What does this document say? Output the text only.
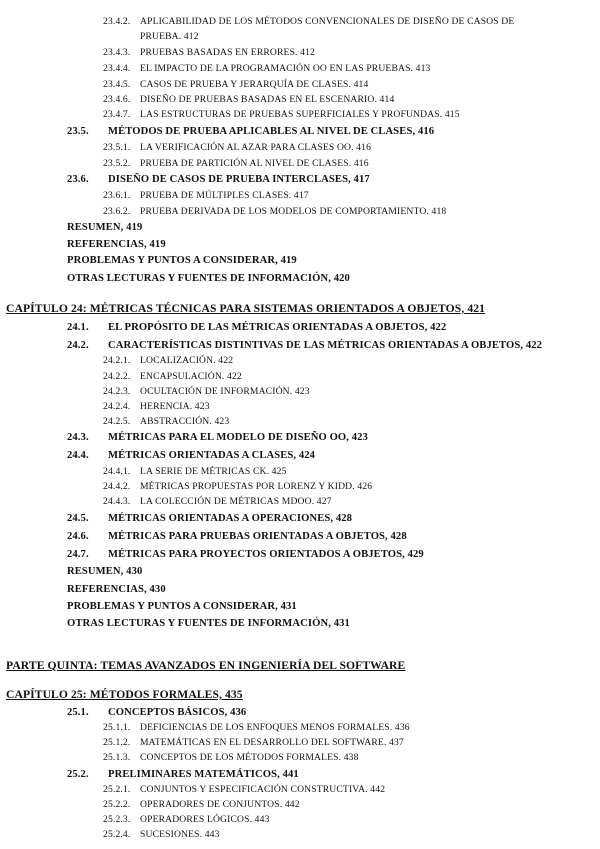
23.4.2. APLICABILIDAD DE LOS MÉTODOS CONVENCIONALES DE DISEÑO DE CASOS DE
PRUEBA. 412
23.4.3. PRUEBAS BASADAS EN ERRORES. 412
23.4.4. EL IMPACTO DE LA PROGRAMACIÓN OO EN LAS PRUEBAS. 413
23.4.5. CASOS DE PRUEBA Y JERARQUÍA DE CLASES. 414
23.4.6. DISEÑO DE PRUEBAS BASADAS EN EL ESCENARIO. 414
23.4.7. LAS ESTRUCTURAS DE PRUEBAS SUPERFICIALES Y PROFUNDAS. 415
23.5. MÉTODOS DE PRUEBA APLICABLES AL NIVEL DE CLASES, 416
23.5.1. LA VERIFICACIÓN AL AZAR PARA CLASES OO. 416
23.5.2. PRUEBA DE PARTICIÓN AL NIVEL DE CLASES. 416
23.6. DISEÑO DE CASOS DE PRUEBA INTERCLASES, 417
23.6.1. PRUEBA DE MÚLTIPLES CLASES. 417
23.6.2. PRUEBA DERIVADA DE LOS MODELOS DE COMPORTAMIENTO. 418
RESUMEN, 419
REFERENCIAS, 419
PROBLEMAS Y PUNTOS A CONSIDERAR, 419
OTRAS LECTURAS Y FUENTES DE INFORMACIÓN, 420
CAPÍTULO 24: MÉTRICAS TÉCNICAS PARA SISTEMAS ORIENTADOS A OBJETOS, 421
24.1. EL PROPÓSITO DE LAS MÉTRICAS ORIENTADAS A OBJETOS, 422
24.2. CARACTERÍSTICAS DISTINTIVAS DE LAS MÉTRICAS ORIENTADAS A OBJETOS, 422
24.2.1. LOCALIZACIÓN. 422
24.2.2. ENCAPSULACIÓN. 422
24.2.3. OCULTACIÓN DE INFORMACIÓN. 423
24.2.4. HERENCIA. 423
24.2.5. ABSTRACCIÓN. 423
24.3. MÉTRICAS PARA EL MODELO DE DISEÑO OO, 423
24.4. MÉTRICAS ORIENTADAS A CLASES, 424
24.4.1. LA SERIE DE MÉTRICAS CK. 425
24.4.2. MÉTRICAS PROPUESTAS POR LORENZ Y KIDD. 426
24.4.3. LA COLECCIÓN DE MÉTRICAS MDOO. 427
24.5. MÉTRICAS ORIENTADAS A OPERACIONES, 428
24.6. MÉTRICAS PARA PRUEBAS ORIENTADAS A OBJETOS, 428
24.7. MÉTRICAS PARA PROYECTOS ORIENTADOS A OBJETOS, 429
RESUMEN, 430
REFERENCIAS, 430
PROBLEMAS Y PUNTOS A CONSIDERAR, 431
OTRAS LECTURAS Y FUENTES DE INFORMACIÓN, 431
PARTE QUINTA: TEMAS AVANZADOS EN INGENIERÍA DEL SOFTWARE
CAPÍTULO 25: MÉTODOS FORMALES, 435
25.1. CONCEPTOS BÁSICOS, 436
25.1.1. DEFICIENCIAS DE LOS ENFOQUES MENOS FORMALES. 436
25.1.2. MATEMÁTICAS EN EL DESARROLLO DEL SOFTWARE. 437
25.1.3. CONCEPTOS DE LOS MÉTODOS FORMALES. 438
25.2. PRELIMINARES MATEMÁTICOS, 441
25.2.1. CONJUNTOS Y ESPECIFICACIÓN CONSTRUCTIVA. 442
25.2.2. OPERADORES DE CONJUNTOS. 442
25.2.3. OPERADORES LÓGICOS. 443
25.2.4. SUCESIONES. 443
